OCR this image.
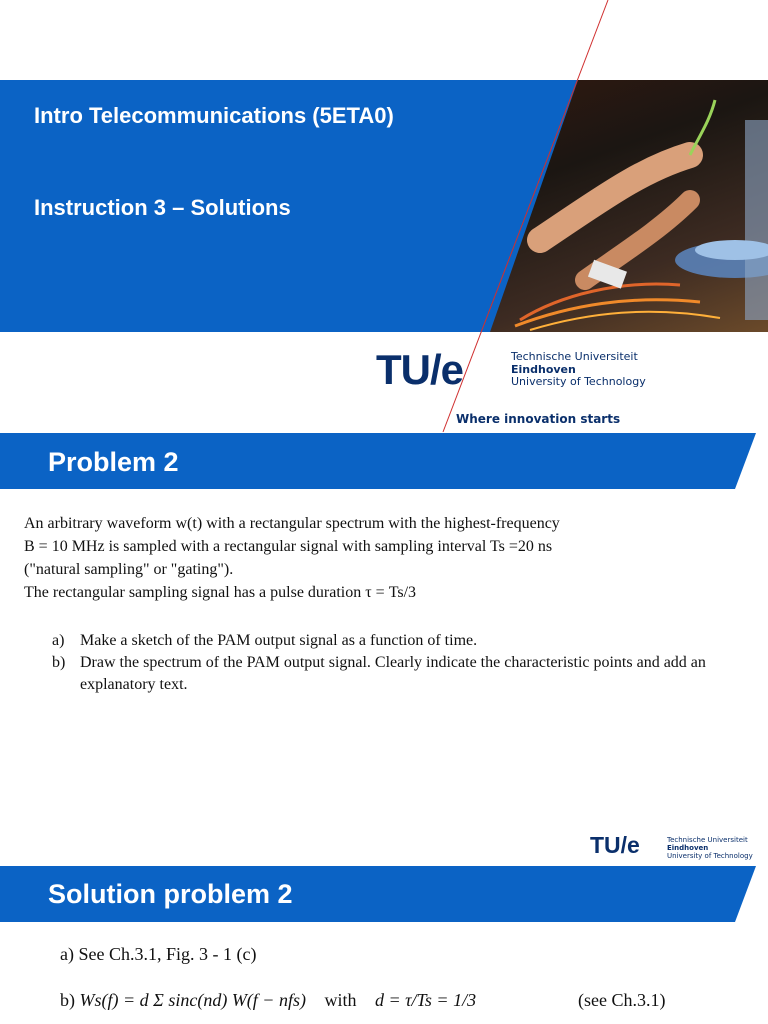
Intro Telecommunications (5ETA0)
Instruction 3 – Solutions
TU/e	Technische Universiteit
Eindhoven
University of Technology
Where innovation starts
Problem 2

An arbitrary waveform w(t) with a rectangular spectrum with the highest-frequency

B = 10 MHz is sampled with a rectangular signal with sampling interval Ts =20 ns

("natural sampling" or "gating").

The rectangular sampling signal has a pulse duration τ = Ts/3

a) Make a sketch of the PAM output signal as a function of time.
b) Draw the spectrum of the PAM output signal. Clearly indicate the characteristic points and add an explanatory text.
TU/e	Technische Universiteit
Eindhoven
University of Technology
Solution problem 2
a) See Ch.3.1, Fig. 3 - 1 (c)
b) Ws(f) = d Σ sinc(nd) W(f − nfs) with d = τ/Ts = 1/3	(see Ch.3.1)
